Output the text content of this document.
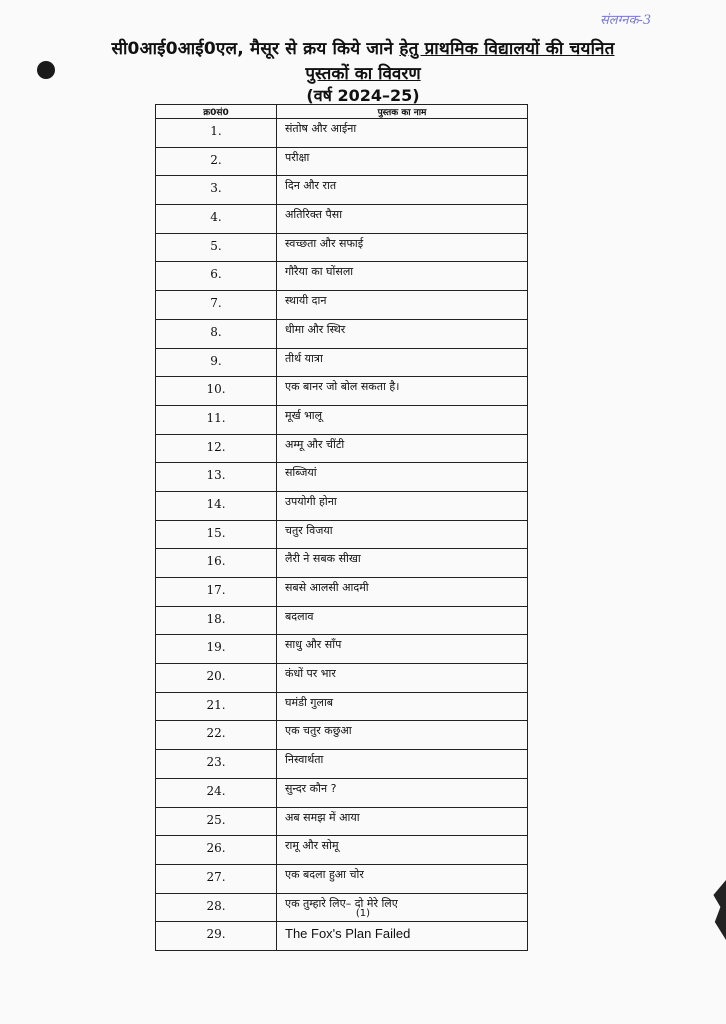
संलग्नक-3
सी0आई0आई0एल, मैसूर से क्रय किये जाने हेतु प्राथमिक विद्यालयों की चयनित
पुस्तकों का विवरण
(वर्ष 2024–25)
क्र0सं0	पुस्तक का नाम
1.	संतोष और आईना
2.	परीक्षा
3.	दिन और रात
4.	अतिरिक्त पैसा
5.	स्वच्छता और सफाई
6.	गौरैया का घोंसला
7.	स्थायी दान
8.	धीमा और स्थिर
9.	तीर्थ यात्रा
10.	एक बानर जो बोल सकता है।
11.	मूर्ख भालू
12.	अम्मू और चींटी
13.	सब्जियां
14.	उपयोगी होना
15.	चतुर विजया
16.	लैरी ने सबक सीखा
17.	सबसे आलसी आदमी
18.	बदलाव
19.	साधु और साँप
20.	कंधों पर भार
21.	घमंडी गुलाब
22.	एक चतुर कछुआ
23.	निस्वार्थता
24.	सुन्दर कौन ?
25.	अब समझ में आया
26.	रामू और सोमू
27.	एक बदला हुआ चोर
28.	एक तुम्हारे लिए– दो मेरे लिए
29.	The Fox's Plan Failed
(1)
